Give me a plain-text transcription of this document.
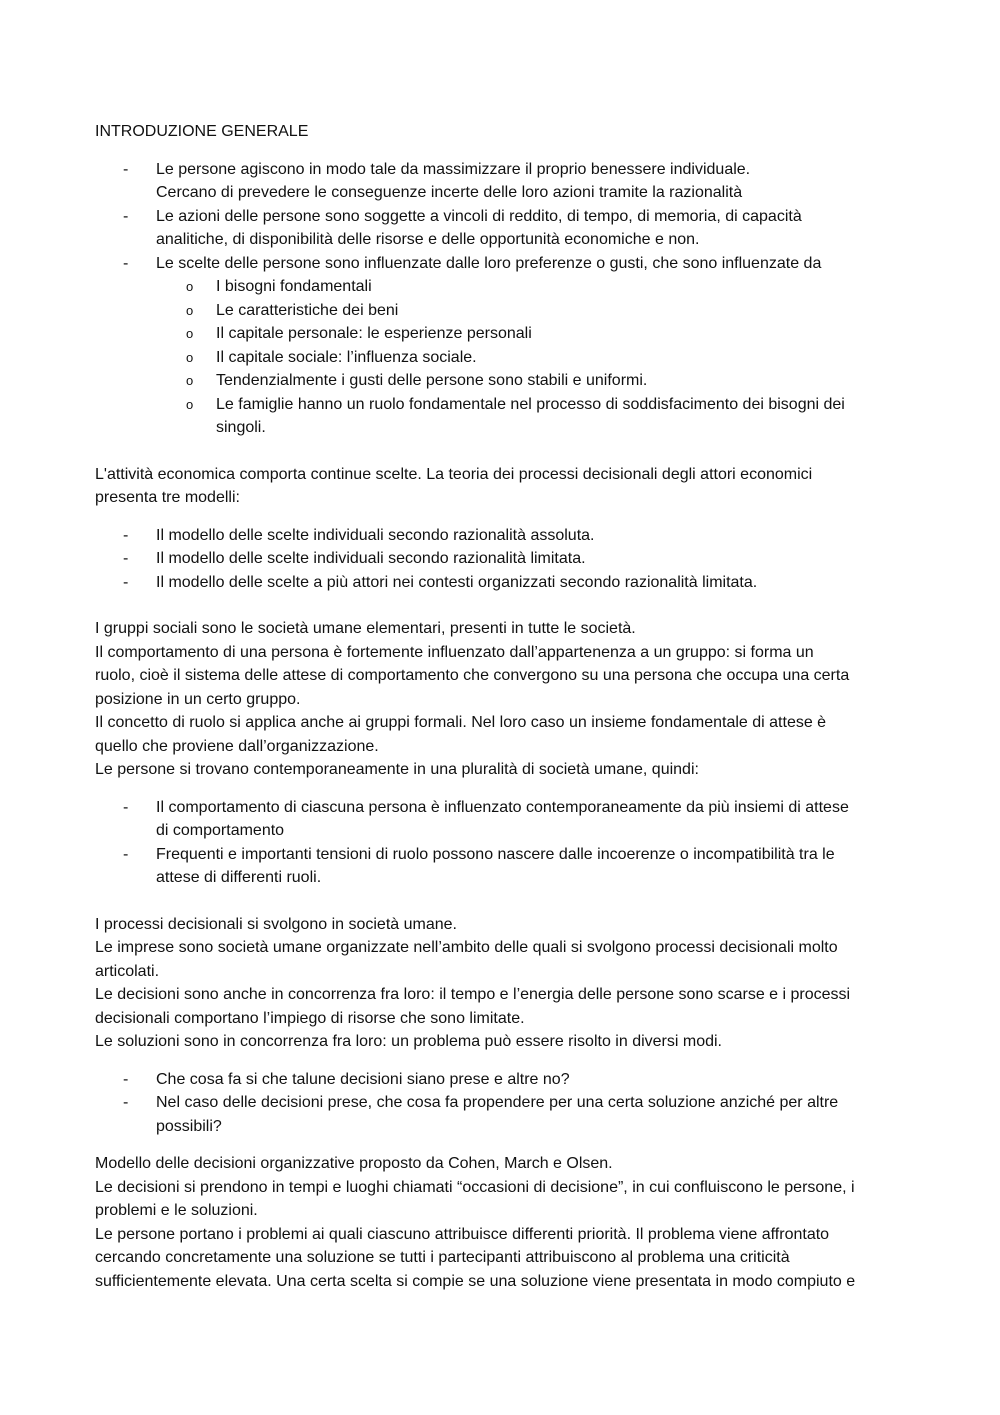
INTRODUZIONE GENERALE
- Le persone agiscono in modo tale da massimizzare il proprio benessere individuale.
Cercano di prevedere le conseguenze incerte delle loro azioni tramite la razionalità
- Le azioni delle persone sono soggette a vincoli di reddito, di tempo, di memoria, di capacità
analitiche, di disponibilità delle risorse e delle opportunità economiche e non.
- Le scelte delle persone sono influenzate dalle loro preferenze o gusti, che sono influenzate da
o I bisogni fondamentali
o Le caratteristiche dei beni
o Il capitale personale: le esperienze personali
o Il capitale sociale: l’influenza sociale.
o Tendenzialmente i gusti delle persone sono stabili e uniformi.
o Le famiglie hanno un ruolo fondamentale nel processo di soddisfacimento dei bisogni dei
singoli.
L'attività economica comporta continue scelte. La teoria dei processi decisionali degli attori economici
presenta tre modelli:
- Il modello delle scelte individuali secondo razionalità assoluta.
- Il modello delle scelte individuali secondo razionalità limitata.
- Il modello delle scelte a più attori nei contesti organizzati secondo razionalità limitata.
I gruppi sociali sono le società umane elementari, presenti in tutte le società.
Il comportamento di una persona è fortemente influenzato dall’appartenenza a un gruppo: si forma un
ruolo, cioè il sistema delle attese di comportamento che convergono su una persona che occupa una certa
posizione in un certo gruppo.
Il concetto di ruolo si applica anche ai gruppi formali. Nel loro caso un insieme fondamentale di attese è
quello che proviene dall’organizzazione.
Le persone si trovano contemporaneamente in una pluralità di società umane, quindi:
- Il comportamento di ciascuna persona è influenzato contemporaneamente da più insiemi di attese
di comportamento
- Frequenti e importanti tensioni di ruolo possono nascere dalle incoerenze o incompatibilità tra le
attese di differenti ruoli.
I processi decisionali si svolgono in società umane.
Le imprese sono società umane organizzate nell’ambito delle quali si svolgono processi decisionali molto
articolati.
Le decisioni sono anche in concorrenza fra loro: il tempo e l’energia delle persone sono scarse e i processi
decisionali comportano l’impiego di risorse che sono limitate.
Le soluzioni sono in concorrenza fra loro: un problema può essere risolto in diversi modi.
- Che cosa fa si che talune decisioni siano prese e altre no?
- Nel caso delle decisioni prese, che cosa fa propendere per una certa soluzione anziché per altre
possibili?
Modello delle decisioni organizzative proposto da Cohen, March e Olsen.
Le decisioni si prendono in tempi e luoghi chiamati “occasioni di decisione”, in cui confluiscono le persone, i
problemi e le soluzioni.
Le persone portano i problemi ai quali ciascuno attribuisce differenti priorità. Il problema viene affrontato
cercando concretamente una soluzione se tutti i partecipanti attribuiscono al problema una criticità
sufficientemente elevata. Una certa scelta si compie se una soluzione viene presentata in modo compiuto e
